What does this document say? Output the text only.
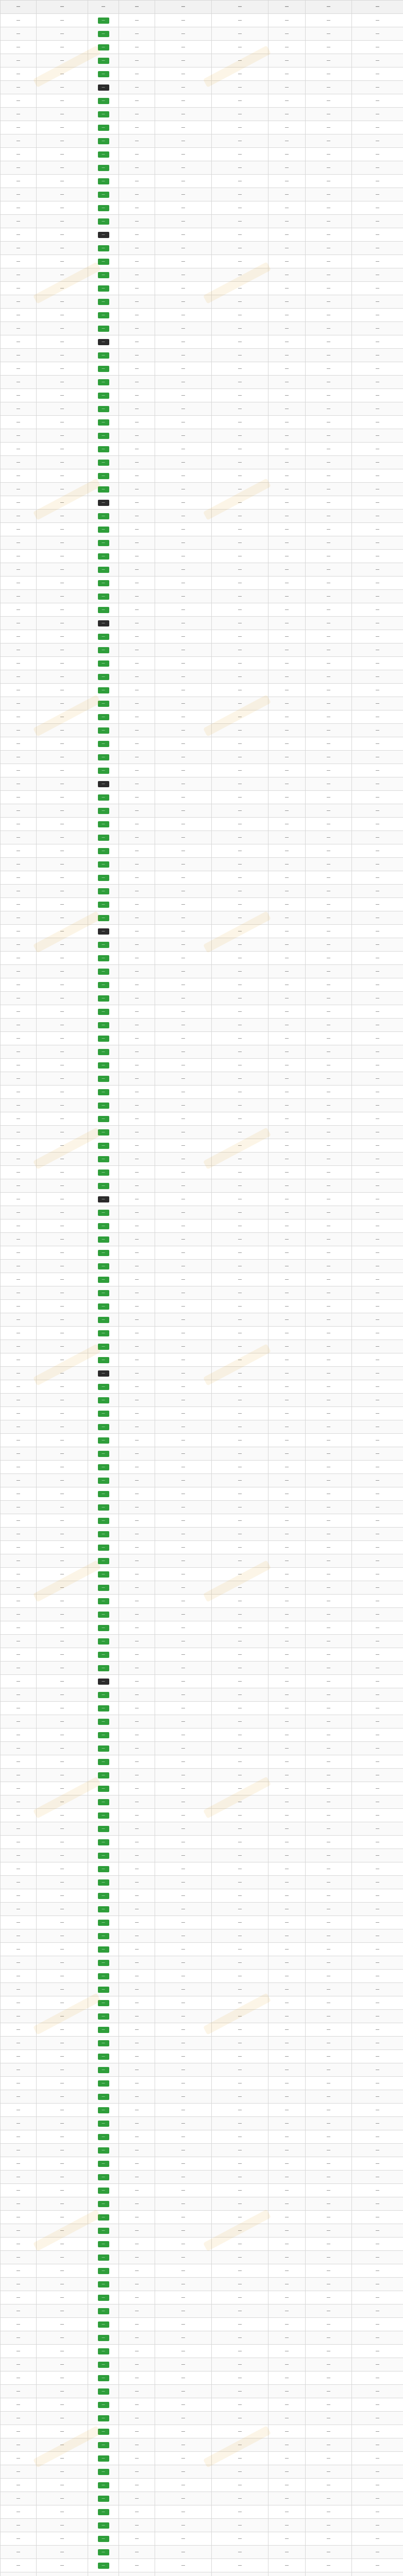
—	—	—	—	—	—	—	—	—
—	—	—	—	—	—	—	—	—
—	—	—	—	—	—	—	—	—
—	—	—	—	—	—	—	—	—
—	—	—	—	—	—	—	—	—
—	—	—	—	—	—	—	—	—
—	—	—	—	—	—	—	—	—
—	—	—	—	—	—	—	—	—
—	—	—	—	—	—	—	—	—
—	—	—	—	—	—	—	—	—
—	—	—	—	—	—	—	—	—
—	—	—	—	—	—	—	—	—
—	—	—	—	—	—	—	—	—
—	—	—	—	—	—	—	—	—
—	—	—	—	—	—	—	—	—
—	—	—	—	—	—	—	—	—
—	—	—	—	—	—	—	—	—
—	—	—	—	—	—	—	—	—
—	—	—	—	—	—	—	—	—
—	—	—	—	—	—	—	—	—
—	—	—	—	—	—	—	—	—
—	—	—	—	—	—	—	—	—
—	—	—	—	—	—	—	—	—
—	—	—	—	—	—	—	—	—
—	—	—	—	—	—	—	—	—
—	—	—	—	—	—	—	—	—
—	—	—	—	—	—	—	—	—
—	—	—	—	—	—	—	—	—
—	—	—	—	—	—	—	—	—
—	—	—	—	—	—	—	—	—
—	—	—	—	—	—	—	—	—
—	—	—	—	—	—	—	—	—
—	—	—	—	—	—	—	—	—
—	—	—	—	—	—	—	—	—
—	—	—	—	—	—	—	—	—
—	—	—	—	—	—	—	—	—
—	—	—	—	—	—	—	—	—
—	—	—	—	—	—	—	—	—
—	—	—	—	—	—	—	—	—
—	—	—	—	—	—	—	—	—
—	—	—	—	—	—	—	—	—
—	—	—	—	—	—	—	—	—
—	—	—	—	—	—	—	—	—
—	—	—	—	—	—	—	—	—
—	—	—	—	—	—	—	—	—
—	—	—	—	—	—	—	—	—
—	—	—	—	—	—	—	—	—
—	—	—	—	—	—	—	—	—
—	—	—	—	—	—	—	—	—
—	—	—	—	—	—	—	—	—
—	—	—	—	—	—	—	—	—
—	—	—	—	—	—	—	—	—
—	—	—	—	—	—	—	—	—
—	—	—	—	—	—	—	—	—
—	—	—	—	—	—	—	—	—
—	—	—	—	—	—	—	—	—
—	—	—	—	—	—	—	—	—
—	—	—	—	—	—	—	—	—
—	—	—	—	—	—	—	—	—
—	—	—	—	—	—	—	—	—
—	—	—	—	—	—	—	—	—
—	—	—	—	—	—	—	—	—
—	—	—	—	—	—	—	—	—
—	—	—	—	—	—	—	—	—
—	—	—	—	—	—	—	—	—
—	—	—	—	—	—	—	—	—
—	—	—	—	—	—	—	—	—
—	—	—	—	—	—	—	—	—
—	—	—	—	—	—	—	—	—
—	—	—	—	—	—	—	—	—
—	—	—	—	—	—	—	—	—
—	—	—	—	—	—	—	—	—
—	—	—	—	—	—	—	—	—
—	—	—	—	—	—	—	—	—
—	—	—	—	—	—	—	—	—
—	—	—	—	—	—	—	—	—
—	—	—	—	—	—	—	—	—
—	—	—	—	—	—	—	—	—
—	—	—	—	—	—	—	—	—
—	—	—	—	—	—	—	—	—
—	—	—	—	—	—	—	—	—
—	—	—	—	—	—	—	—	—
—	—	—	—	—	—	—	—	—
—	—	—	—	—	—	—	—	—
—	—	—	—	—	—	—	—	—
—	—	—	—	—	—	—	—	—
—	—	—	—	—	—	—	—	—
—	—	—	—	—	—	—	—	—
—	—	—	—	—	—	—	—	—
—	—	—	—	—	—	—	—	—
—	—	—	—	—	—	—	—	—
—	—	—	—	—	—	—	—	—
—	—	—	—	—	—	—	—	—
—	—	—	—	—	—	—	—	—
—	—	—	—	—	—	—	—	—
—	—	—	—	—	—	—	—	—
—	—	—	—	—	—	—	—	—
—	—	—	—	—	—	—	—	—
—	—	—	—	—	—	—	—	—
—	—	—	—	—	—	—	—	—
—	—	—	—	—	—	—	—	—
—	—	—	—	—	—	—	—	—
—	—	—	—	—	—	—	—	—
—	—	—	—	—	—	—	—	—
—	—	—	—	—	—	—	—	—
—	—	—	—	—	—	—	—	—
—	—	—	—	—	—	—	—	—
—	—	—	—	—	—	—	—	—
—	—	—	—	—	—	—	—	—
—	—	—	—	—	—	—	—	—
—	—	—	—	—	—	—	—	—
—	—	—	—	—	—	—	—	—
—	—	—	—	—	—	—	—	—
—	—	—	—	—	—	—	—	—
—	—	—	—	—	—	—	—	—
—	—	—	—	—	—	—	—	—
—	—	—	—	—	—	—	—	—
—	—	—	—	—	—	—	—	—
—	—	—	—	—	—	—	—	—
—	—	—	—	—	—	—	—	—
—	—	—	—	—	—	—	—	—
—	—	—	—	—	—	—	—	—
—	—	—	—	—	—	—	—	—
—	—	—	—	—	—	—	—	—
—	—	—	—	—	—	—	—	—
—	—	—	—	—	—	—	—	—
—	—	—	—	—	—	—	—	—
—	—	—	—	—	—	—	—	—
—	—	—	—	—	—	—	—	—
—	—	—	—	—	—	—	—	—
—	—	—	—	—	—	—	—	—
—	—	—	—	—	—	—	—	—
—	—	—	—	—	—	—	—	—
—	—	—	—	—	—	—	—	—
—	—	—	—	—	—	—	—	—
—	—	—	—	—	—	—	—	—
—	—	—	—	—	—	—	—	—
—	—	—	—	—	—	—	—	—
—	—	—	—	—	—	—	—	—
—	—	—	—	—	—	—	—	—
—	—	—	—	—	—	—	—	—
—	—	—	—	—	—	—	—	—
—	—	—	—	—	—	—	—	—
—	—	—	—	—	—	—	—	—
—	—	—	—	—	—	—	—	—
—	—	—	—	—	—	—	—	—
—	—	—	—	—	—	—	—	—
—	—	—	—	—	—	—	—	—
—	—	—	—	—	—	—	—	—
—	—	—	—	—	—	—	—	—
—	—	—	—	—	—	—	—	—
—	—	—	—	—	—	—	—	—
—	—	—	—	—	—	—	—	—
—	—	—	—	—	—	—	—	—
—	—	—	—	—	—	—	—	—
—	—	—	—	—	—	—	—	—
—	—	—	—	—	—	—	—	—
—	—	—	—	—	—	—	—	—
—	—	—	—	—	—	—	—	—
—	—	—	—	—	—	—	—	—
—	—	—	—	—	—	—	—	—
—	—	—	—	—	—	—	—	—
—	—	—	—	—	—	—	—	—
—	—	—	—	—	—	—	—	—
—	—	—	—	—	—	—	—	—
—	—	—	—	—	—	—	—	—
—	—	—	—	—	—	—	—	—
—	—	—	—	—	—	—	—	—
—	—	—	—	—	—	—	—	—
—	—	—	—	—	—	—	—	—
—	—	—	—	—	—	—	—	—
—	—	—	—	—	—	—	—	—
—	—	—	—	—	—	—	—	—
—	—	—	—	—	—	—	—	—
—	—	—	—	—	—	—	—	—
—	—	—	—	—	—	—	—	—
—	—	—	—	—	—	—	—	—
—	—	—	—	—	—	—	—	—
—	—	—	—	—	—	—	—	—
—	—	—	—	—	—	—	—	—
—	—	—	—	—	—	—	—	—
—	—	—	—	—	—	—	—	—
—	—	—	—	—	—	—	—	—
—	—	—	—	—	—	—	—	—
—	—	—	—	—	—	—	—	—
—	—	—	—	—	—	—	—	—
—	—	—	—	—	—	—	—	—
—	—	—	—	—	—	—	—	—
—	—	—	—	—	—	—	—	—
—	—	—	—	—	—	—	—	—
—	—	—	—	—	—	—	—	—
—	—	—	—	—	—	—	—	—
